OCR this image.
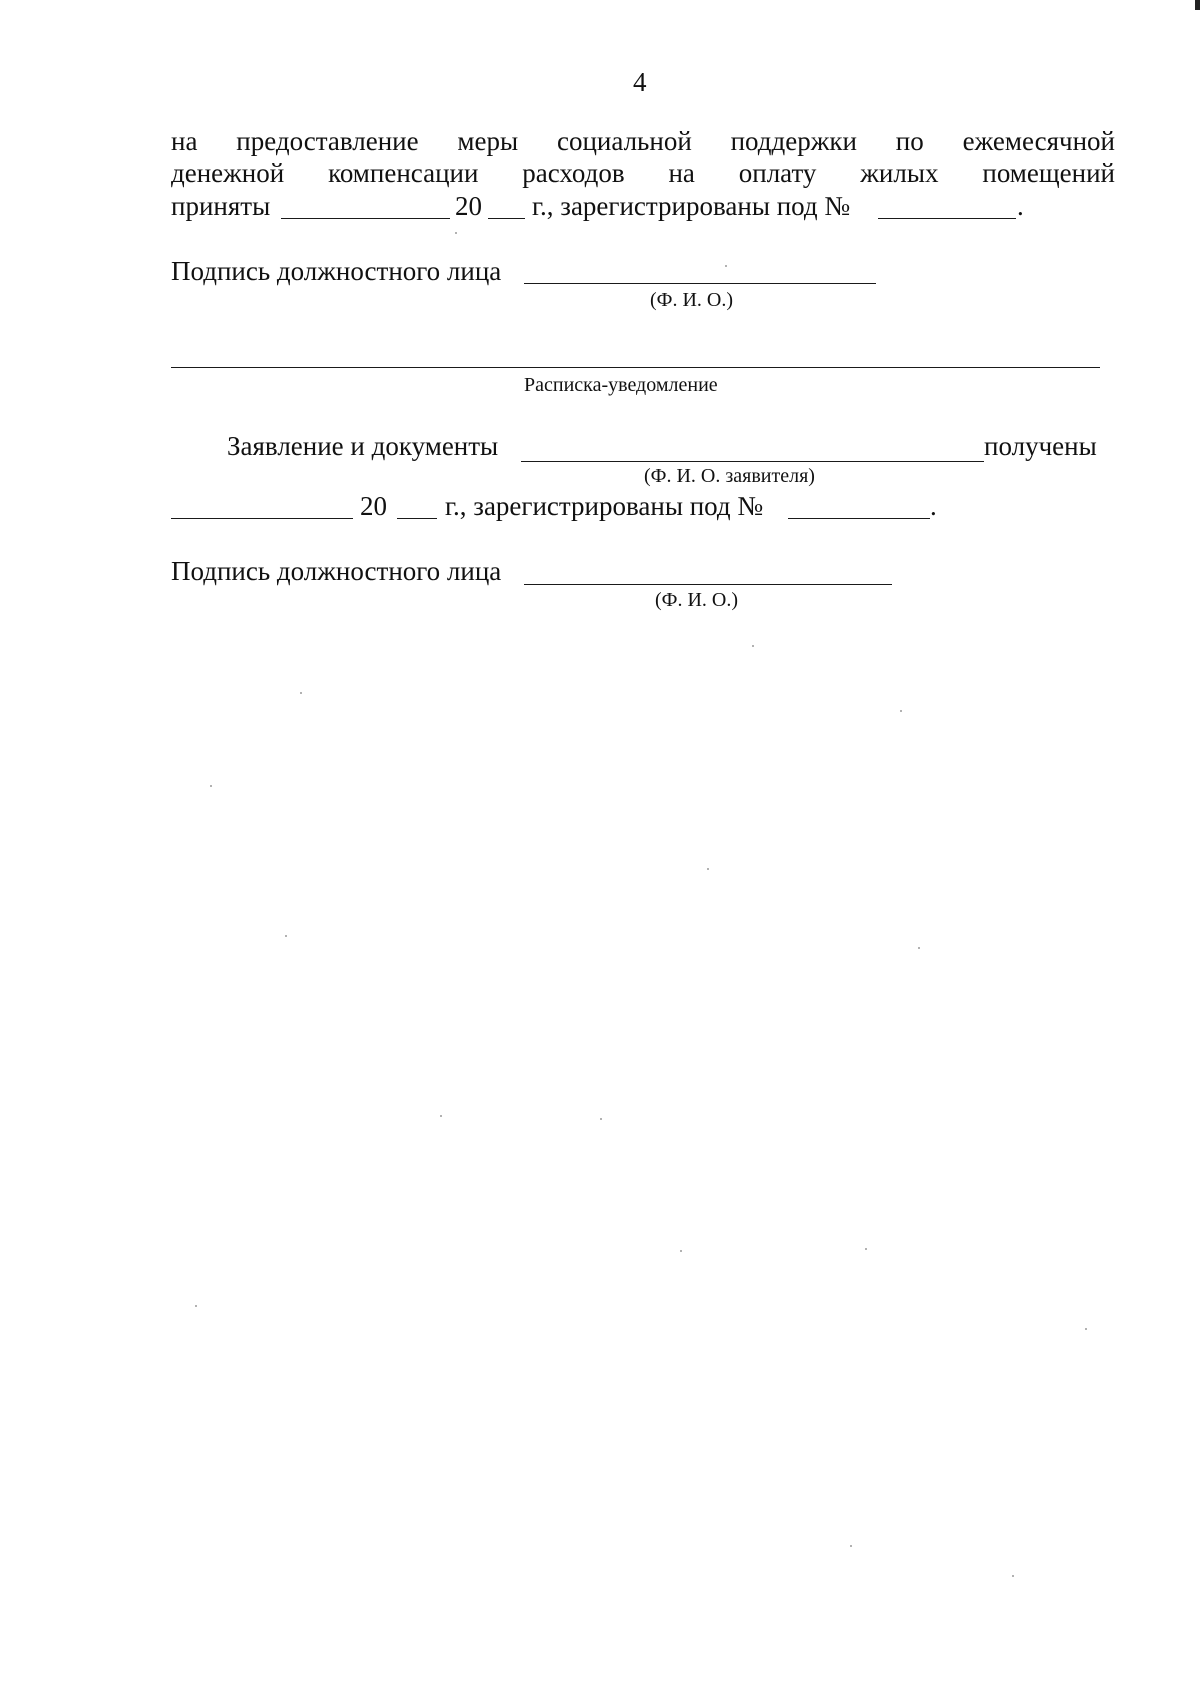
4
на предоставление меры социальной поддержки по ежемесячной
денежной компенсации расходов на оплату жилых помещений
приняты	20 г., зарегистрированы под №	.
Подпись должностного лица
(Ф. И. О.)
Расписка-уведомление
Заявление и документы	получены
(Ф. И. О. заявителя)
20 г., зарегистрированы под №	.
Подпись должностного лица
(Ф. И. О.)
